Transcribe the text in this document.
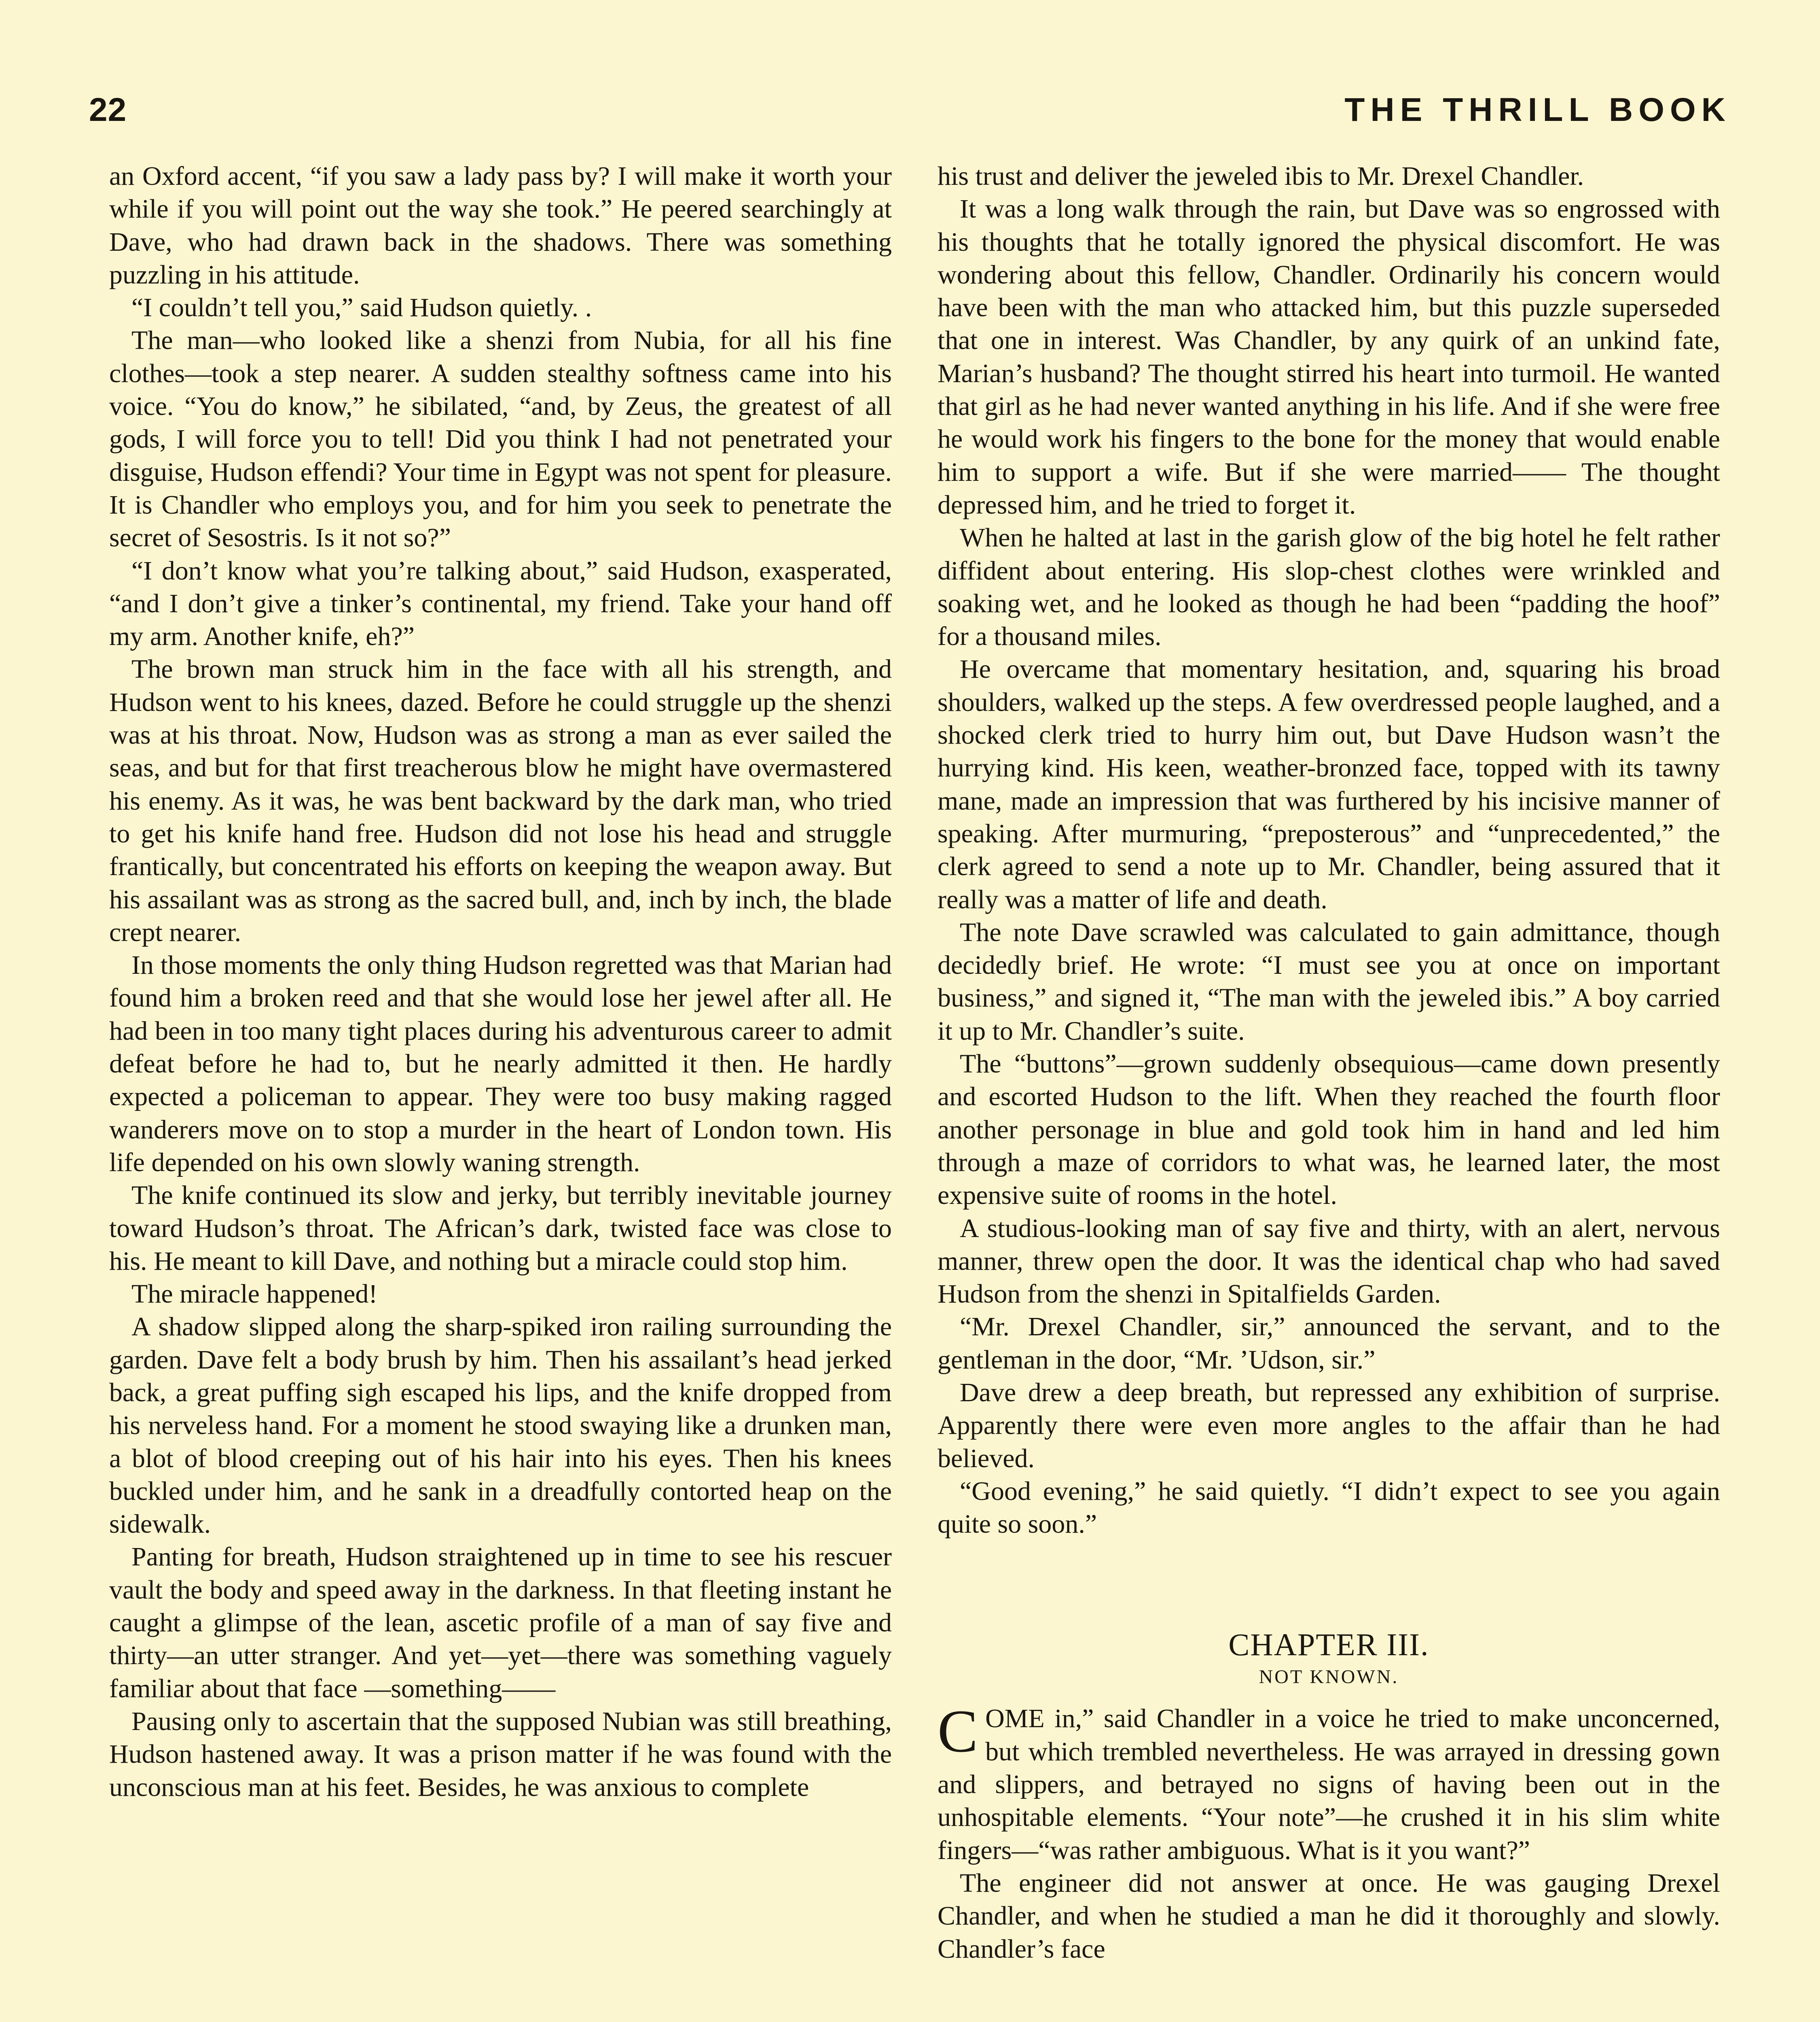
22	THE THRILL BOOK

an Oxford accent, “if you saw a lady pass by? I will make it worth your while if you will point out the way she took.” He peered searchingly at Dave, who had drawn back in the shadows. There was something puzzling in his attitude.

“I couldn’t tell you,” said Hudson quietly. .

The man—who looked like a shenzi from Nubia, for all his fine clothes—took a step nearer. A sudden stealthy softness came into his voice. “You do know,” he sibilated, “and, by Zeus, the greatest of all gods, I will force you to tell! Did you think I had not penetrated your disguise, Hudson effendi? Your time in Egypt was not spent for pleasure. It is Chandler who employs you, and for him you seek to penetrate the secret of Sesostris. Is it not so?”

“I don’t know what you’re talking about,” said Hudson, exasperated, “and I don’t give a tinker’s continental, my friend. Take your hand off my arm. Another knife, eh?”

The brown man struck him in the face with all his strength, and Hudson went to his knees, dazed. Before he could struggle up the shenzi was at his throat. Now, Hudson was as strong a man as ever sailed the seas, and but for that first treacherous blow he might have overmastered his enemy. As it was, he was bent backward by the dark man, who tried to get his knife hand free. Hudson did not lose his head and struggle frantically, but concentrated his efforts on keeping the weapon away. But his assailant was as strong as the sacred bull, and, inch by inch, the blade crept nearer.

In those moments the only thing Hudson regretted was that Marian had found him a broken reed and that she would lose her jewel after all. He had been in too many tight places during his adventurous career to admit defeat before he had to, but he nearly admitted it then. He hardly expected a policeman to appear. They were too busy making ragged wanderers move on to stop a murder in the heart of London town. His life depended on his own slowly waning strength.

The knife continued its slow and jerky, but terribly inevitable journey toward Hudson’s throat. The African’s dark, twisted face was close to his. He meant to kill Dave, and nothing but a miracle could stop him.

The miracle happened!

A shadow slipped along the sharp-spiked iron railing surrounding the garden. Dave felt a body brush by him. Then his assailant’s head jerked back, a great puffing sigh escaped his lips, and the knife dropped from his nerveless hand. For a moment he stood swaying like a drunken man, a blot of blood creeping out of his hair into his eyes. Then his knees buckled under him, and he sank in a dreadfully contorted heap on the sidewalk.

Panting for breath, Hudson straightened up in time to see his rescuer vault the body and speed away in the darkness. In that fleeting instant he caught a glimpse of the lean, ascetic profile of a man of say five and thirty—an utter stranger. And yet—yet—there was something vaguely familiar about that face —something——

Pausing only to ascertain that the supposed Nubian was still breathing, Hudson hastened away. It was a prison matter if he was found with the unconscious man at his feet. Besides, he was anxious to complete

his trust and deliver the jeweled ibis to Mr. Drexel Chandler.

It was a long walk through the rain, but Dave was so engrossed with his thoughts that he totally ignored the physical discomfort. He was wondering about this fellow, Chandler. Ordinarily his concern would have been with the man who attacked him, but this puzzle superseded that one in interest. Was Chandler, by any quirk of an unkind fate, Marian’s husband? The thought stirred his heart into turmoil. He wanted that girl as he had never wanted anything in his life. And if she were free he would work his fingers to the bone for the money that would enable him to support a wife. But if she were married—— The thought depressed him, and he tried to forget it.

When he halted at last in the garish glow of the big hotel he felt rather diffident about entering. His slop-chest clothes were wrinkled and soaking wet, and he looked as though he had been “padding the hoof” for a thousand miles.

He overcame that momentary hesitation, and, squaring his broad shoulders, walked up the steps. A few overdressed people laughed, and a shocked clerk tried to hurry him out, but Dave Hudson wasn’t the hurrying kind. His keen, weather-bronzed face, topped with its tawny mane, made an impression that was furthered by his incisive manner of speaking. After murmuring, “preposterous” and “unprecedented,” the clerk agreed to send a note up to Mr. Chandler, being assured that it really was a matter of life and death.

The note Dave scrawled was calculated to gain admittance, though decidedly brief. He wrote: “I must see you at once on important business,” and signed it, “The man with the jeweled ibis.” A boy carried it up to Mr. Chandler’s suite.

The “buttons”—grown suddenly obsequious—came down presently and escorted Hudson to the lift. When they reached the fourth floor another personage in blue and gold took him in hand and led him through a maze of corridors to what was, he learned later, the most expensive suite of rooms in the hotel.

A studious-looking man of say five and thirty, with an alert, nervous manner, threw open the door. It was the identical chap who had saved Hudson from the shenzi in Spitalfields Garden.

“Mr. Drexel Chandler, sir,” announced the servant, and to the gentleman in the door, “Mr. ’Udson, sir.”

Dave drew a deep breath, but repressed any exhibition of surprise. Apparently there were even more angles to the affair than he had believed.

“Good evening,” he said quietly. “I didn’t expect to see you again quite so soon.”

CHAPTER III.
NOT KNOWN.

COME in,” said Chandler in a voice he tried to make unconcerned, but which trembled nevertheless. He was arrayed in dressing gown and slippers, and betrayed no signs of having been out in the unhospitable elements. “Your note”—he crushed it in his slim white fingers—“was rather ambiguous. What is it you want?”

The engineer did not answer at once. He was gauging Drexel Chandler, and when he studied a man he did it thoroughly and slowly. Chandler’s face
